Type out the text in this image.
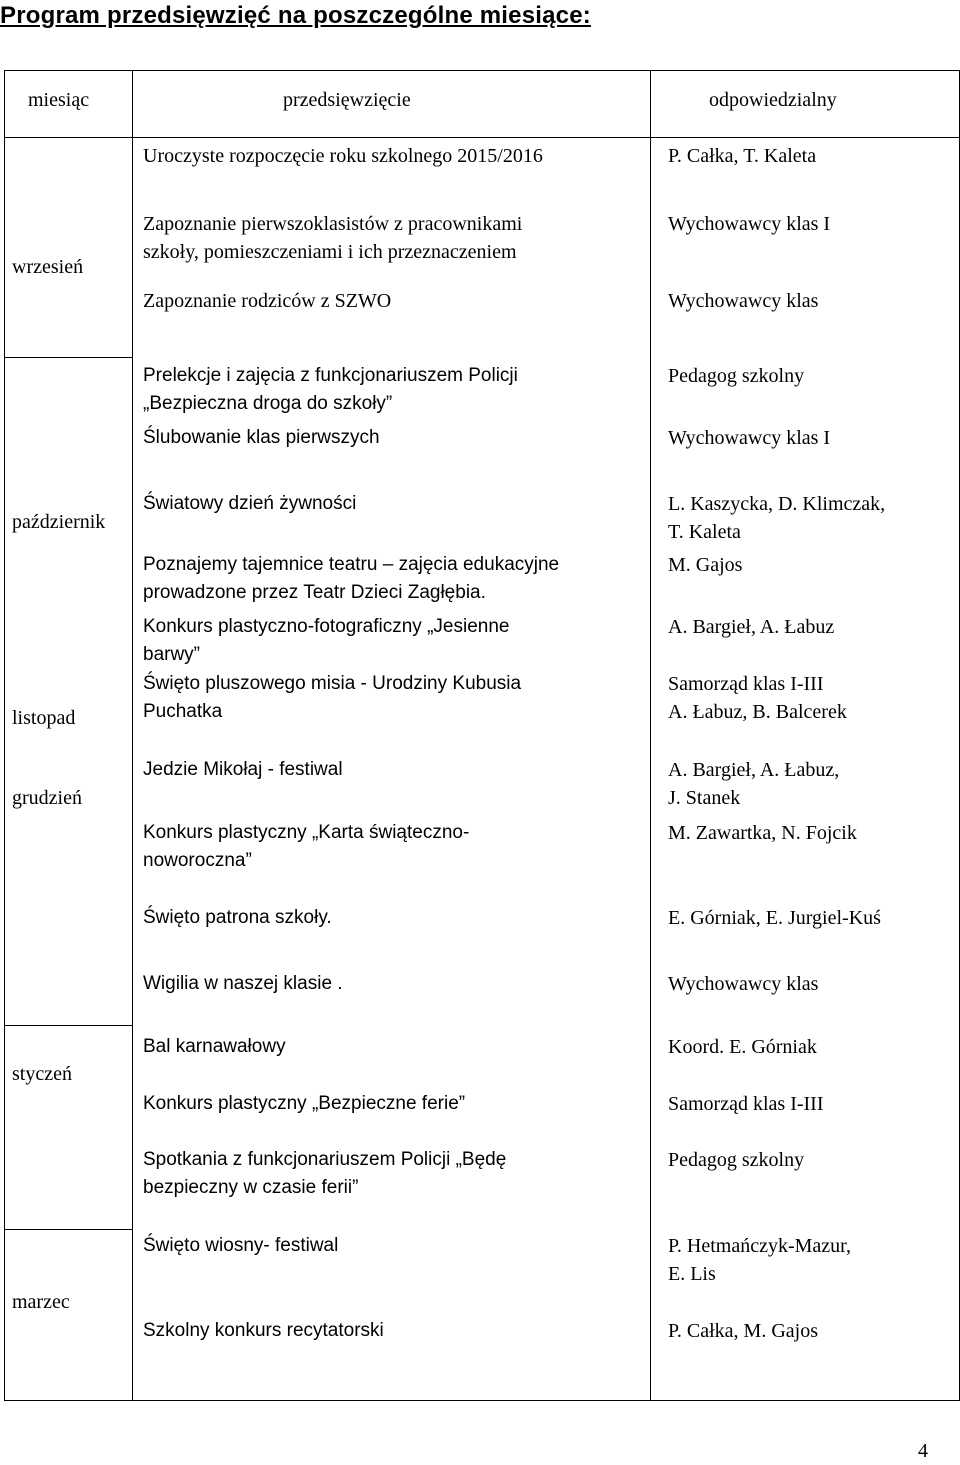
Program przedsięwzięć na poszczególne miesiące:
miesiąc	przedsięwzięcie	odpowiedzialny
wrzesień
październik
listopad
grudzień
styczeń
marzec
Uroczyste rozpoczęcie roku szkolnego 2015/2016
Zapoznanie pierwszoklasistów z pracownikami
szkoły, pomieszczeniami i ich przeznaczeniem
Zapoznanie rodziców z SZWO
Prelekcje i zajęcia z funkcjonariuszem Policji
„Bezpieczna droga do szkoły”
Ślubowanie klas pierwszych
Światowy dzień żywności
Poznajemy tajemnice teatru – zajęcia edukacyjne
prowadzone przez Teatr Dzieci Zagłębia.
Konkurs plastyczno-fotograficzny „Jesienne
barwy”
Święto pluszowego misia - Urodziny Kubusia
Puchatka
Jedzie Mikołaj - festiwal
Konkurs plastyczny „Karta świąteczno-
noworoczna”
Święto patrona szkoły.
Wigilia w naszej klasie .
Bal karnawałowy
Konkurs plastyczny „Bezpieczne ferie”
Spotkania z funkcjonariuszem Policji „Będę
bezpieczny w czasie ferii”
Święto wiosny- festiwal
Szkolny konkurs recytatorski
P. Całka, T. Kaleta
Wychowawcy klas I
Wychowawcy klas
Pedagog szkolny
Wychowawcy klas I
L. Kaszycka, D. Klimczak,
T. Kaleta
M. Gajos
A. Bargieł, A. Łabuz
Samorząd klas I-III
A. Łabuz, B. Balcerek
A. Bargieł, A. Łabuz,
J. Stanek
M. Zawartka, N. Fojcik
E. Górniak, E. Jurgiel-Kuś
Wychowawcy klas
Koord. E. Górniak
Samorząd klas I-III
Pedagog szkolny
P. Hetmańczyk-Mazur,
E. Lis
P. Całka, M. Gajos
4
